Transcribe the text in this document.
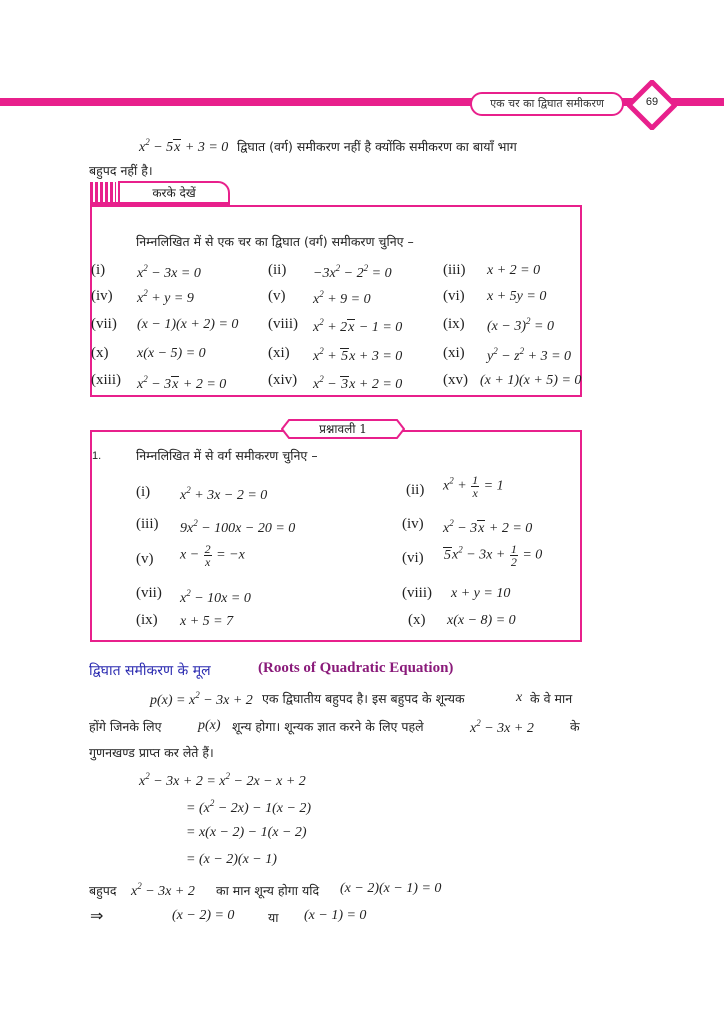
एक चर का द्विघात समीकरण	69
$x^2 - 5x + 3 = 0$ द्विघात (वर्ग) समीकरण नहीं है क्योंकि समीकरण का बायाँ भाग
बहुपद नहीं है।
करके देखें
निम्नलिखित में से एक चर का द्विघात (वर्ग) समीकरण चुनिए –
(i) $x^2 - 3x = 0$	$(ii) -3x^2 - 2^2 = 0$	(iii) x + 2 = 0
(iv) $x^2 + y = 9$	(v) $x^2 + 9 = 0$	(vi) x + 5y = 0
(vii) (x − 1)(x + 2) = 0 (viii) $x^2 + 2x - 1 = 0$	(ix) $(x - 3)^2 = 0$
(x) x(x − 5) = 0	(xi) $x^2 + 5x + 3 = 0$	(xi) $y^2 - z^2 + 3 = 0$
(xiii) $x^2 - 3x + 2 = 0$	(xiv) $x^2 - 3x + 2 = 0$	(xv) (x + 1)(x + 5) = 0
प्रश्नावली 1
1.	निम्नलिखित में से वर्ग समीकरण चुनिए –
(i) $x^2 + 3x - 2 = 0$	(ii) $x^2 + \frac{1}{x} = 1$
(iii) $9x^2 - 100x - 20 = 0$	(iv) $x^2 - 3x + 2 = 0$
(v) $x - \frac{2}{x} = -x$	(vi) $5x^2 - 3x + \frac{1}{2} = 0$
(vii) $x^2 - 10x = 0$	(viii) x + y = 10
(ix) x + 5 = 7	(x) x(x − 8) = 0
द्विघात समीकरण के मूल	(Roots of Quadratic Equation)
$p(x) = x^2 - 3x + 2$ एक द्विघातीय बहुपद है। इस बहुपद के शून्यक	x के वे मान
होंगे जिनके लिए	p(x) शून्य होगा। शून्यक ज्ञात करने के लिए पहले	$x^2 - 3x + 2$	के
गुणनखण्ड प्राप्त कर लेते हैं।
$x^2 - 3x + 2 = x^2 - 2x - x + 2$
= $(x^2 - 2x) - 1(x - 2)$
= x(x − 2) − 1(x − 2)
= (x − 2)(x − 1)
बहुपद $x^2 - 3x + 2$ का मान शून्य होगा यदि (x − 2)(x − 1) = 0
⇒	(x − 2) = 0	या (x − 1) = 0
